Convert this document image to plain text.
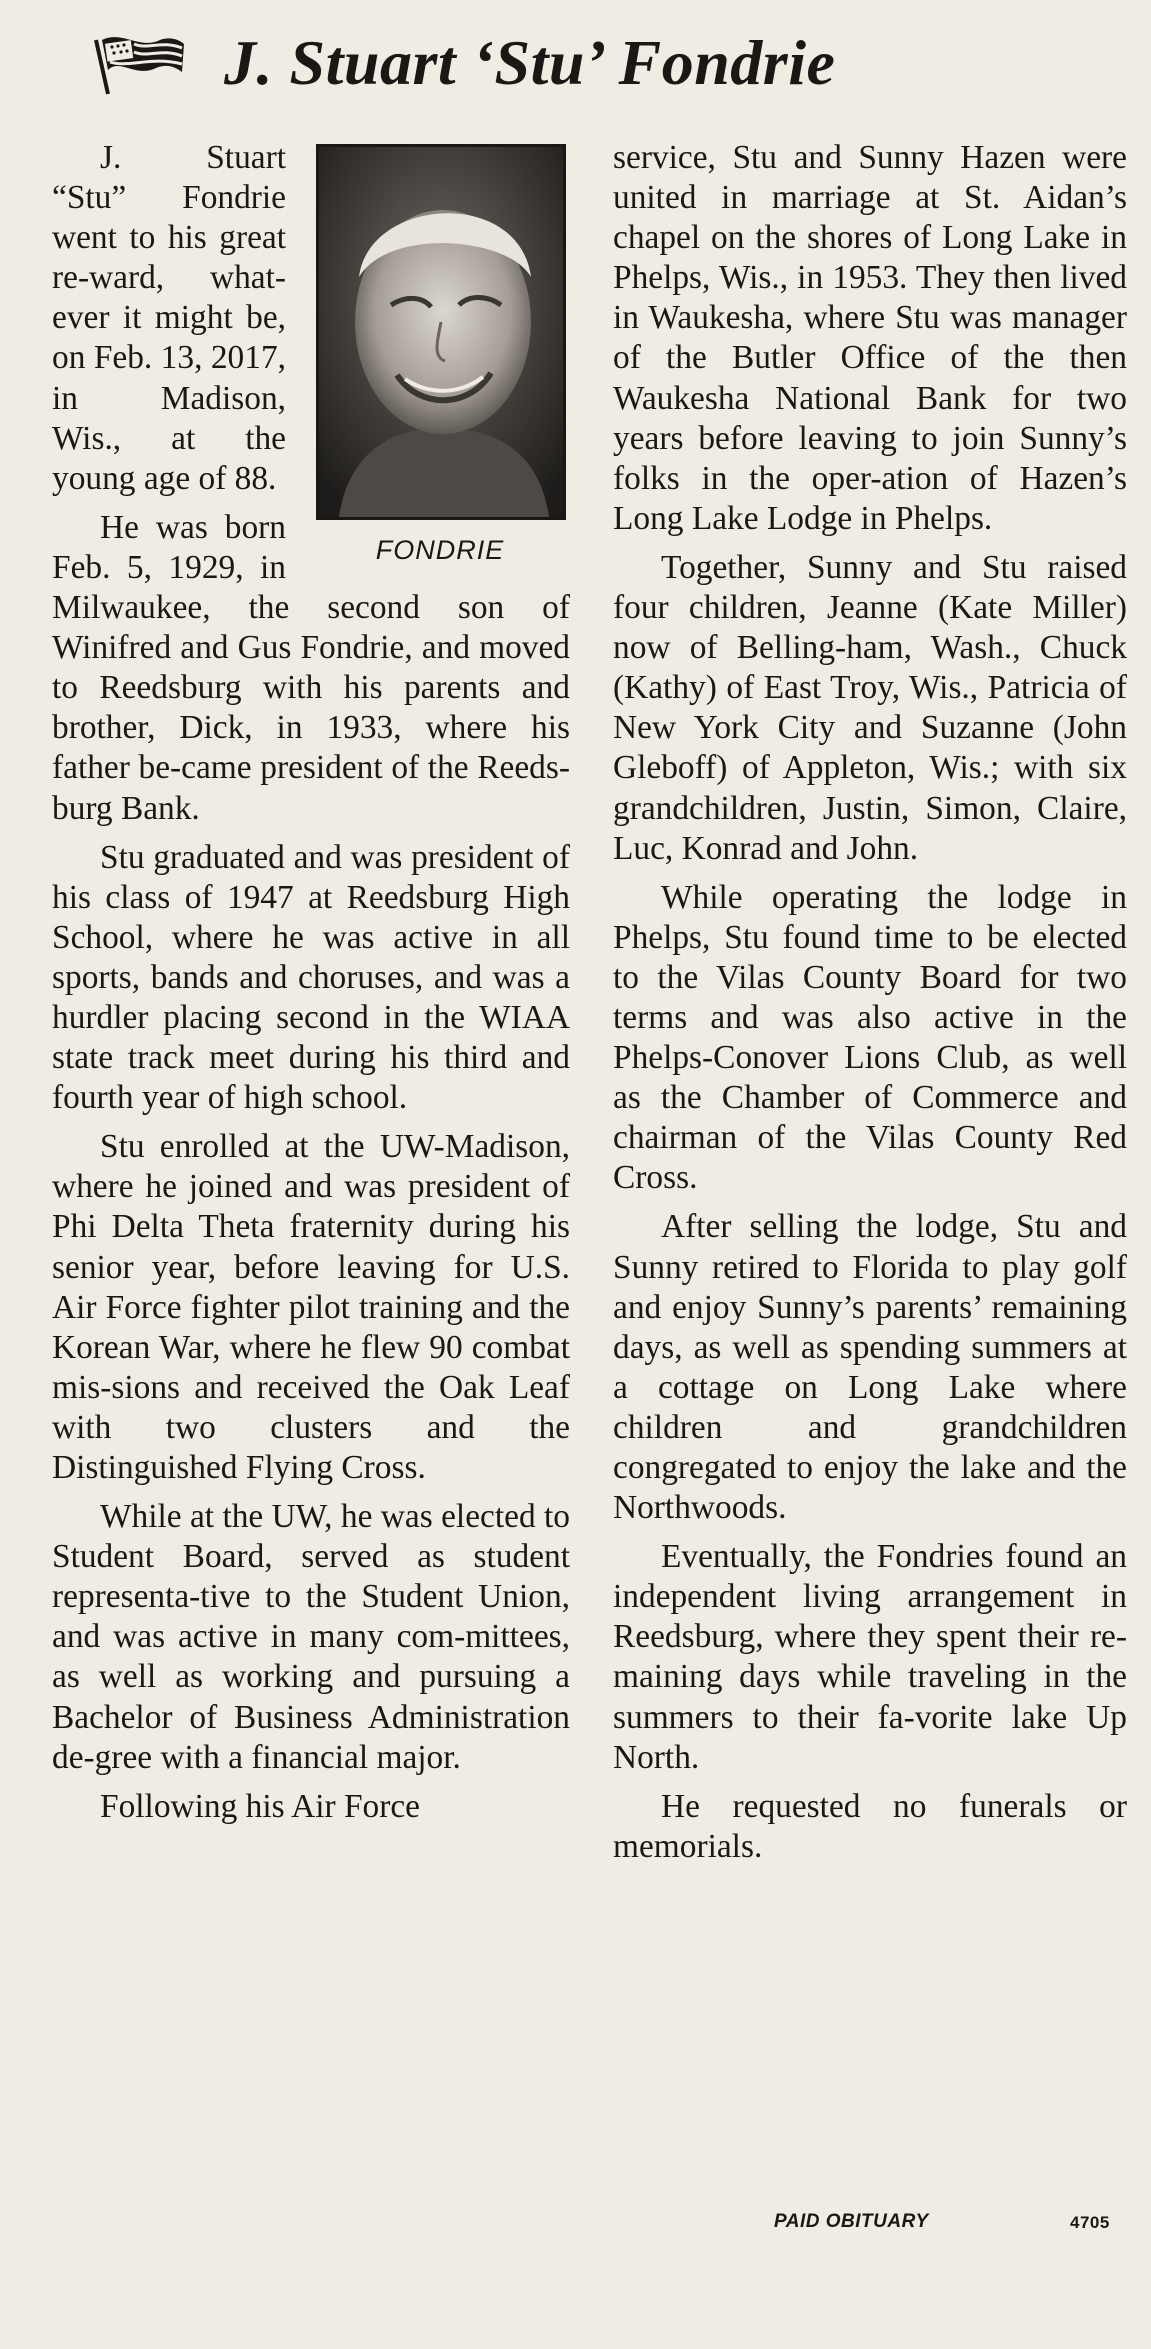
J. Stuart ‘Stu’ Fondrie
FONDRIE

J. Stuart “Stu” Fondrie went to his great re-ward, what-ever it might be, on Feb. 13, 2017, in Madison, Wis., at the young age of 88.

He was born Feb. 5, 1929, in Milwaukee, the second son of Winifred and Gus Fondrie, and moved to Reedsburg with his parents and brother, Dick, in 1933, where his father be-came president of the Reeds-burg Bank.

Stu graduated and was president of his class of 1947 at Reedsburg High School, where he was active in all sports, bands and choruses, and was a hurdler placing second in the WIAA state track meet during his third and fourth year of high school.

Stu enrolled at the UW-Madison, where he joined and was president of Phi Delta Theta fraternity during his senior year, before leaving for U.S. Air Force fighter pilot training and the Korean War, where he flew 90 combat mis-sions and received the Oak Leaf with two clusters and the Distinguished Flying Cross.

While at the UW, he was elected to Student Board, served as student representa-tive to the Student Union, and was active in many com-mittees, as well as working and pursuing a Bachelor of Business Administration de-gree with a financial major.

Following his Air Force

service, Stu and Sunny Hazen were united in marriage at St. Aidan’s chapel on the shores of Long Lake in Phelps, Wis., in 1953. They then lived in Waukesha, where Stu was manager of the Butler Office of the then Waukesha National Bank for two years before leaving to join Sunny’s folks in the oper-ation of Hazen’s Long Lake Lodge in Phelps.

Together, Sunny and Stu raised four children, Jeanne (Kate Miller) now of Belling-ham, Wash., Chuck (Kathy) of East Troy, Wis., Patricia of New York City and Suzanne (John Gleboff) of Appleton, Wis.; with six grandchildren, Justin, Simon, Claire, Luc, Konrad and John.

While operating the lodge in Phelps, Stu found time to be elected to the Vilas County Board for two terms and was also active in the Phelps-Conover Lions Club, as well as the Chamber of Commerce and chairman of the Vilas County Red Cross.

After selling the lodge, Stu and Sunny retired to Florida to play golf and enjoy Sunny’s parents’ remaining days, as well as spending summers at a cottage on Long Lake where children and grandchildren congregated to enjoy the lake and the Northwoods.

Eventually, the Fondries found an independent living arrangement in Reedsburg, where they spent their re-maining days while traveling in the summers to their fa-vorite lake Up North.

He requested no funerals or memorials.

PAID OBITUARY	4705
